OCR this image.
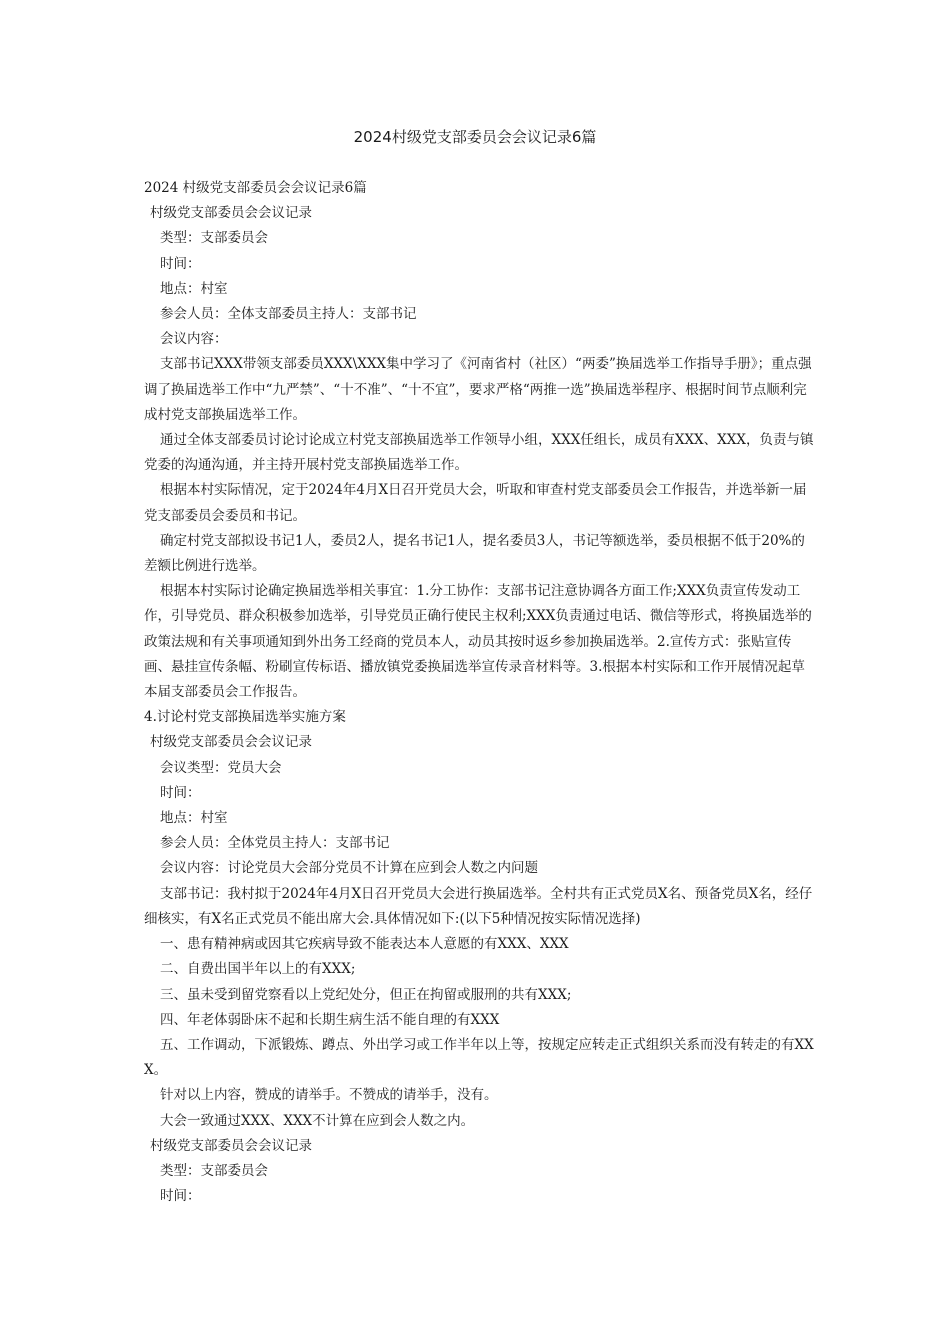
2024村级党支部委员会会议记录6篇

2024 村级党支部委员会会议记录6篇

村级党支部委员会会议记录

类型：支部委员会

时间：

地点：村室

参会人员：全体支部委员主持人：支部书记

会议内容：

支部书记XXX带领支部委员XXX\XXX集中学习了《河南省村（社区）“两委”换届选举工作指导手册》；重点强调了换届选举工作中“九严禁”、“十不准”、“十不宜”，要求严格“两推一选”换届选举程序、根据时间节点顺利完成村党支部换届选举工作。

通过全体支部委员讨论讨论成立村党支部换届选举工作领导小组，XXX任组长，成员有XXX、XXX，负责与镇党委的沟通沟通，并主持开展村党支部换届选举工作。

根据本村实际情况，定于2024年4月X日召开党员大会，听取和审查村党支部委员会工作报告，并选举新一届党支部委员会委员和书记。

确定村党支部拟设书记1人，委员2人，提名书记1人，提名委员3人，书记等额选举，委员根据不低于20%的差额比例进行选举。

根据本村实际讨论确定换届选举相关事宜：1.分工协作：支部书记注意协调各方面工作;XXX负责宣传发动工作，引导党员、群众积极参加选举，引导党员正确行使民主权利;XXX负责通过电话、微信等形式，将换届选举的政策法规和有关事项通知到外出务工经商的党员本人，动员其按时返乡参加换届选举。2.宣传方式：张贴宣传画、悬挂宣传条幅、粉刷宣传标语、播放镇党委换届选举宣传录音材料等。3.根据本村实际和工作开展情况起草本届支部委员会工作报告。

4.讨论村党支部换届选举实施方案

村级党支部委员会会议记录

会议类型：党员大会

时间：

地点：村室

参会人员：全体党员主持人：支部书记

会议内容：讨论党员大会部分党员不计算在应到会人数之内问题

支部书记：我村拟于2024年4月X日召开党员大会进行换届选举。全村共有正式党员X名、预备党员X名，经仔细核实，有X名正式党员不能出席大会.具体情况如下:(以下5种情况按实际情况选择)

一、患有精神病或因其它疾病导致不能表达本人意愿的有XXX、XXX

二、自费出国半年以上的有XXX;

三、虽未受到留党察看以上党纪处分，但正在拘留或服刑的共有XXX;

四、年老体弱卧床不起和长期生病生活不能自理的有XXX

五、工作调动，下派锻炼、蹲点、外出学习或工作半年以上等，按规定应转走正式组织关系而没有转走的有XXX。

针对以上内容，赞成的请举手。不赞成的请举手，没有。

大会一致通过XXX、XXX不计算在应到会人数之内。

村级党支部委员会会议记录

类型：支部委员会

时间：
